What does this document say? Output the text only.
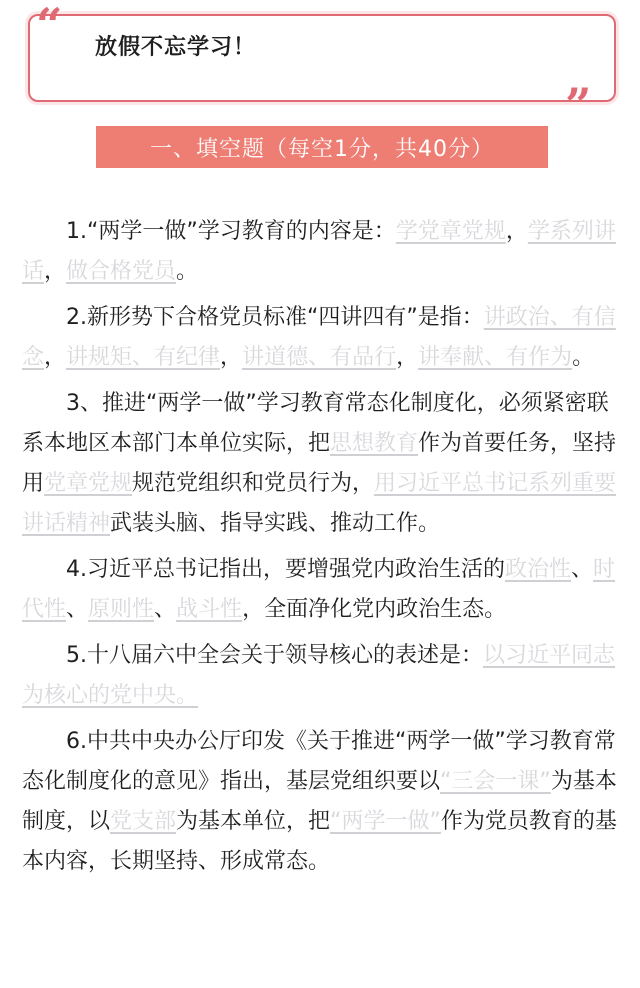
“ 放假不忘学习！
”
一、填空题（每空1分，共40分）

1.“两学一做”学习教育的内容是：学党章党规，学系列讲话，做合格党员。

2.新形势下合格党员标准“四讲四有”是指：讲政治、有信念，讲规矩、有纪律，讲道德、有品行，讲奉献、有作为。

3、推进“两学一做”学习教育常态化制度化，必须紧密联系本地区本部门本单位实际，把思想教育作为首要任务，坚持用党章党规规范党组织和党员行为，用习近平总书记系列重要讲话精神武装头脑、指导实践、推动工作。

4.习近平总书记指出，要增强党内政治生活的政治性、时代性、原则性、战斗性，全面净化党内政治生态。

5.十八届六中全会关于领导核心的表述是：以习近平同志为核心的党中央。

6.中共中央办公厅印发《关于推进“两学一做”学习教育常态化制度化的意见》指出，基层党组织要以“三会一课”为基本制度，以党支部为基本单位，把“两学一做”作为党员教育的基本内容，长期坚持、形成常态。
